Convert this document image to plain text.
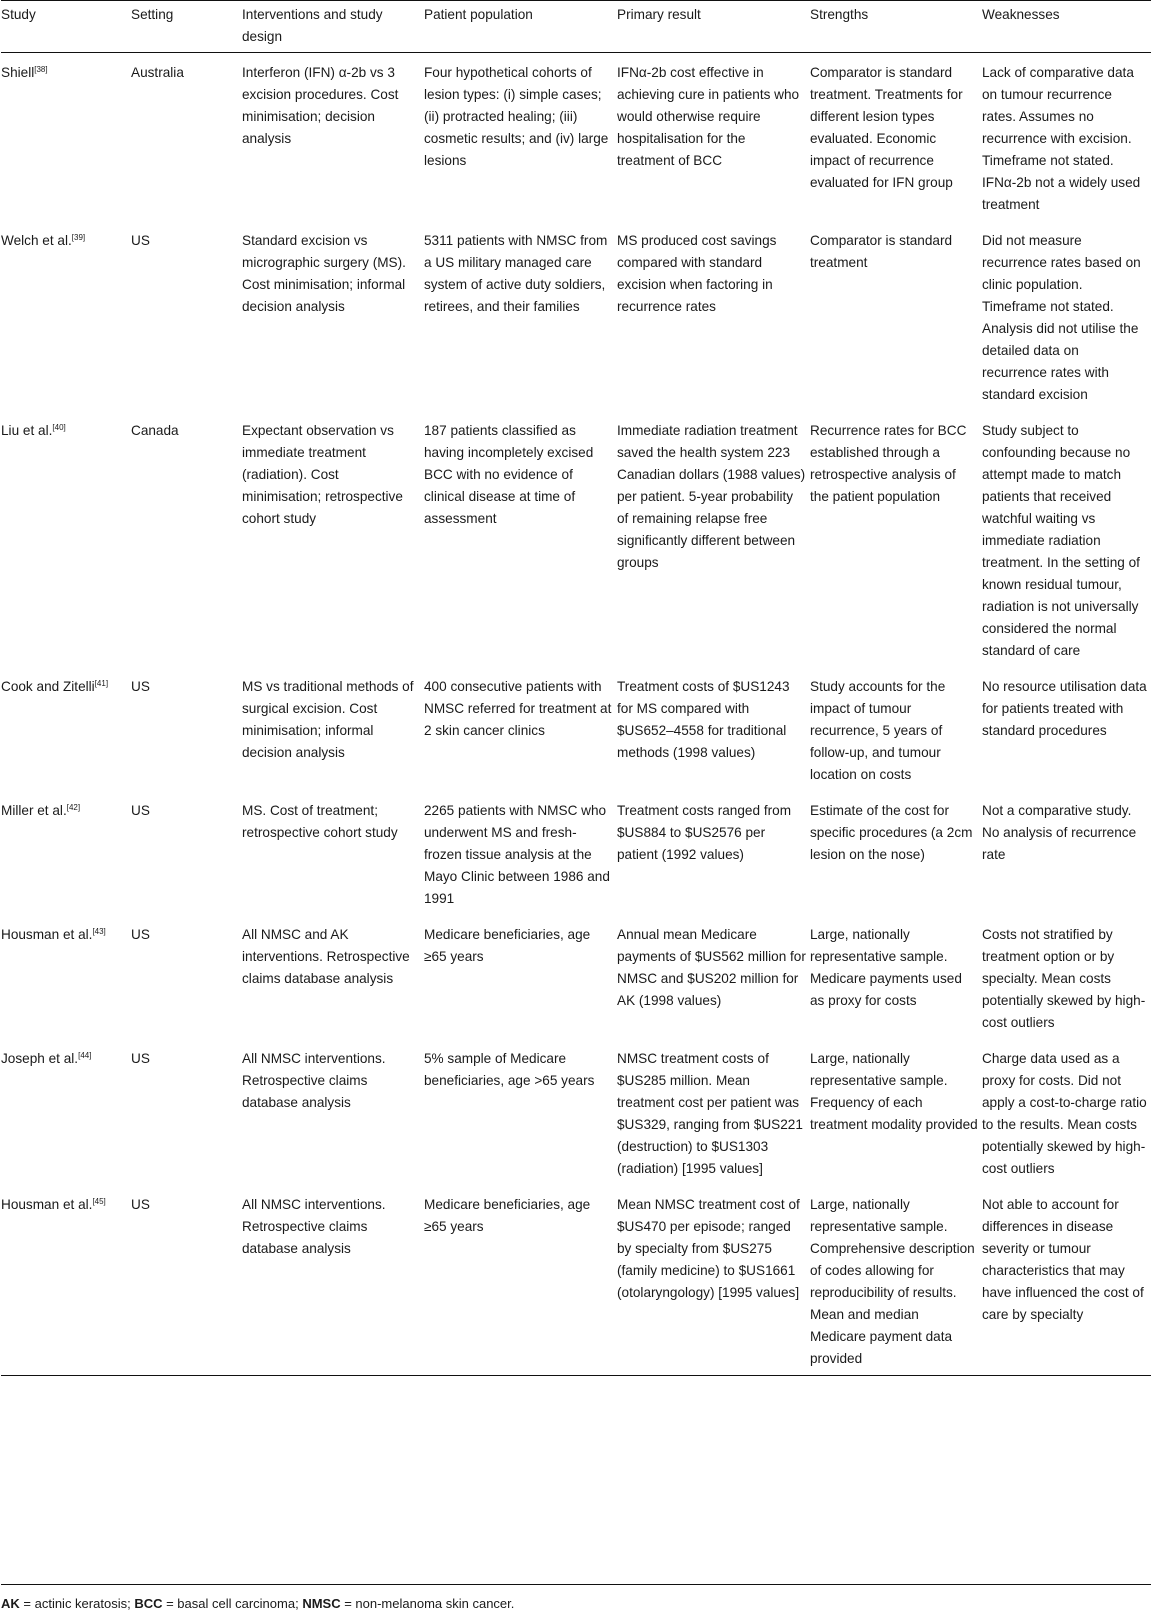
Study	Setting	Interventions and study design	Patient population	Primary result	Strengths	Weaknesses
Shiell[38]	Australia	Interferon (IFN) α-2b vs 3 excision procedures. Cost minimisation; decision analysis	Four hypothetical cohorts of lesion types: (i) simple cases; (ii) protracted healing; (iii) cosmetic results; and (iv) large lesions	IFNα-2b cost effective in achieving cure in patients who would otherwise require hospitalisation for the treatment of BCC	Comparator is standard treatment. Treatments for different lesion types evaluated. Economic impact of recurrence evaluated for IFN group	Lack of comparative data on tumour recurrence rates. Assumes no recurrence with excision. Timeframe not stated. IFNα-2b not a widely used treatment
Welch et al.[39]	US	Standard excision vs micrographic surgery (MS). Cost minimisation; informal decision analysis	5311 patients with NMSC from a US military managed care system of active duty soldiers, retirees, and their families	MS produced cost savings compared with standard excision when factoring in recurrence rates	Comparator is standard treatment	Did not measure recurrence rates based on clinic population. Timeframe not stated. Analysis did not utilise the detailed data on recurrence rates with standard excision
Liu et al.[40]	Canada	Expectant observation vs immediate treatment (radiation). Cost minimisation; retrospective cohort study	187 patients classified as having incompletely excised BCC with no evidence of clinical disease at time of assessment	Immediate radiation treatment saved the health system 223 Canadian dollars (1988 values) per patient. 5-year probability of remaining relapse free significantly different between groups	Recurrence rates for BCC established through a retrospective analysis of the patient population	Study subject to confounding because no attempt made to match patients that received watchful waiting vs immediate radiation treatment. In the setting of known residual tumour, radiation is not universally considered the normal standard of care
Cook and Zitelli[41]	US	MS vs traditional methods of surgical excision. Cost minimisation; informal decision analysis	400 consecutive patients with NMSC referred for treatment at 2 skin cancer clinics	Treatment costs of $US1243 for MS compared with $US652–4558 for traditional methods (1998 values)	Study accounts for the impact of tumour recurrence, 5 years of follow-up, and tumour location on costs	No resource utilisation data for patients treated with standard procedures
Miller et al.[42]	US	MS. Cost of treatment; retrospective cohort study	2265 patients with NMSC who underwent MS and fresh-frozen tissue analysis at the Mayo Clinic between 1986 and 1991	Treatment costs ranged from $US884 to $US2576 per patient (1992 values)	Estimate of the cost for specific procedures (a 2cm lesion on the nose)	Not a comparative study. No analysis of recurrence rate
Housman et al.[43]	US	All NMSC and AK interventions. Retrospective claims database analysis	Medicare beneficiaries, age ≥65 years	Annual mean Medicare payments of $US562 million for NMSC and $US202 million for AK (1998 values)	Large, nationally representative sample. Medicare payments used as proxy for costs	Costs not stratified by treatment option or by specialty. Mean costs potentially skewed by high-cost outliers
Joseph et al.[44]	US	All NMSC interventions. Retrospective claims database analysis	5% sample of Medicare beneficiaries, age >65 years	NMSC treatment costs of $US285 million. Mean treatment cost per patient was $US329, ranging from $US221 (destruction) to $US1303 (radiation) [1995 values]	Large, nationally representative sample. Frequency of each treatment modality provided	Charge data used as a proxy for costs. Did not apply a cost-to-charge ratio to the results. Mean costs potentially skewed by high-cost outliers
Housman et al.[45]	US	All NMSC interventions. Retrospective claims database analysis	Medicare beneficiaries, age ≥65 years	Mean NMSC treatment cost of $US470 per episode; ranged by specialty from $US275 (family medicine) to $US1661 (otolaryngology) [1995 values]	Large, nationally representative sample. Comprehensive description of codes allowing for reproducibility of results. Mean and median Medicare payment data provided	Not able to account for differences in disease severity or tumour characteristics that may have influenced the cost of care by specialty
AK = actinic keratosis; BCC = basal cell carcinoma; NMSC = non-melanoma skin cancer.
